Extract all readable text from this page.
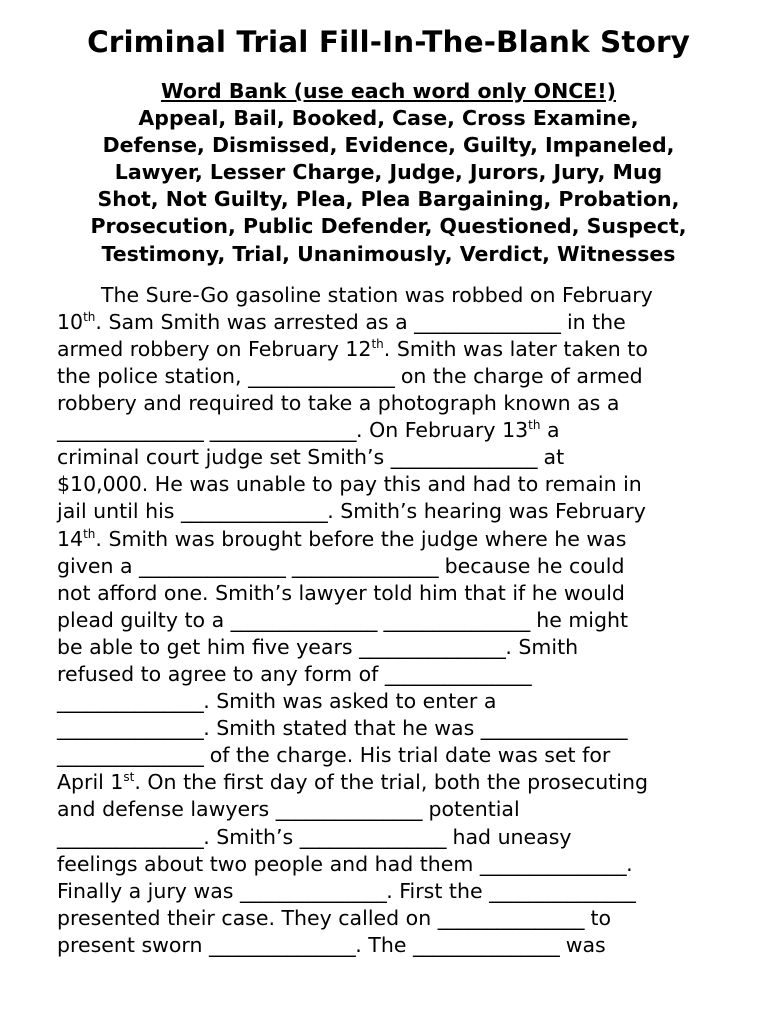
Criminal Trial Fill-In-The-Blank Story
Word Bank (use each word only ONCE!)
Appeal, Bail, Booked, Case, Cross Examine,
Defense, Dismissed, Evidence, Guilty, Impaneled,
Lawyer, Lesser Charge, Judge, Jurors, Jury, Mug
Shot, Not Guilty, Plea, Plea Bargaining, Probation,
Prosecution, Public Defender, Questioned, Suspect,
Testimony, Trial, Unanimously, Verdict, Witnesses
The Sure-Go gasoline station was robbed on February
10th. Sam Smith was arrested as a _______________ in the
armed robbery on February 12th. Smith was later taken to
the police station, _______________ on the charge of armed
robbery and required to take a photograph known as a
_______________ _______________. On February 13th a
criminal court judge set Smith’s _______________ at
$10,000. He was unable to pay this and had to remain in
jail until his _______________. Smith’s hearing was February
14th. Smith was brought before the judge where he was
given a _______________ _______________ because he could
not afford one. Smith’s lawyer told him that if he would
plead guilty to a _______________ _______________ he might
be able to get him five years _______________. Smith
refused to agree to any form of _______________
_______________. Smith was asked to enter a
_______________. Smith stated that he was _______________
_______________ of the charge. His trial date was set for
April 1st. On the first day of the trial, both the prosecuting
and defense lawyers _______________ potential
_______________. Smith’s _______________ had uneasy
feelings about two people and had them _______________.
Finally a jury was _______________. First the _______________
presented their case. They called on _______________ to
present sworn _______________. The _______________ was
